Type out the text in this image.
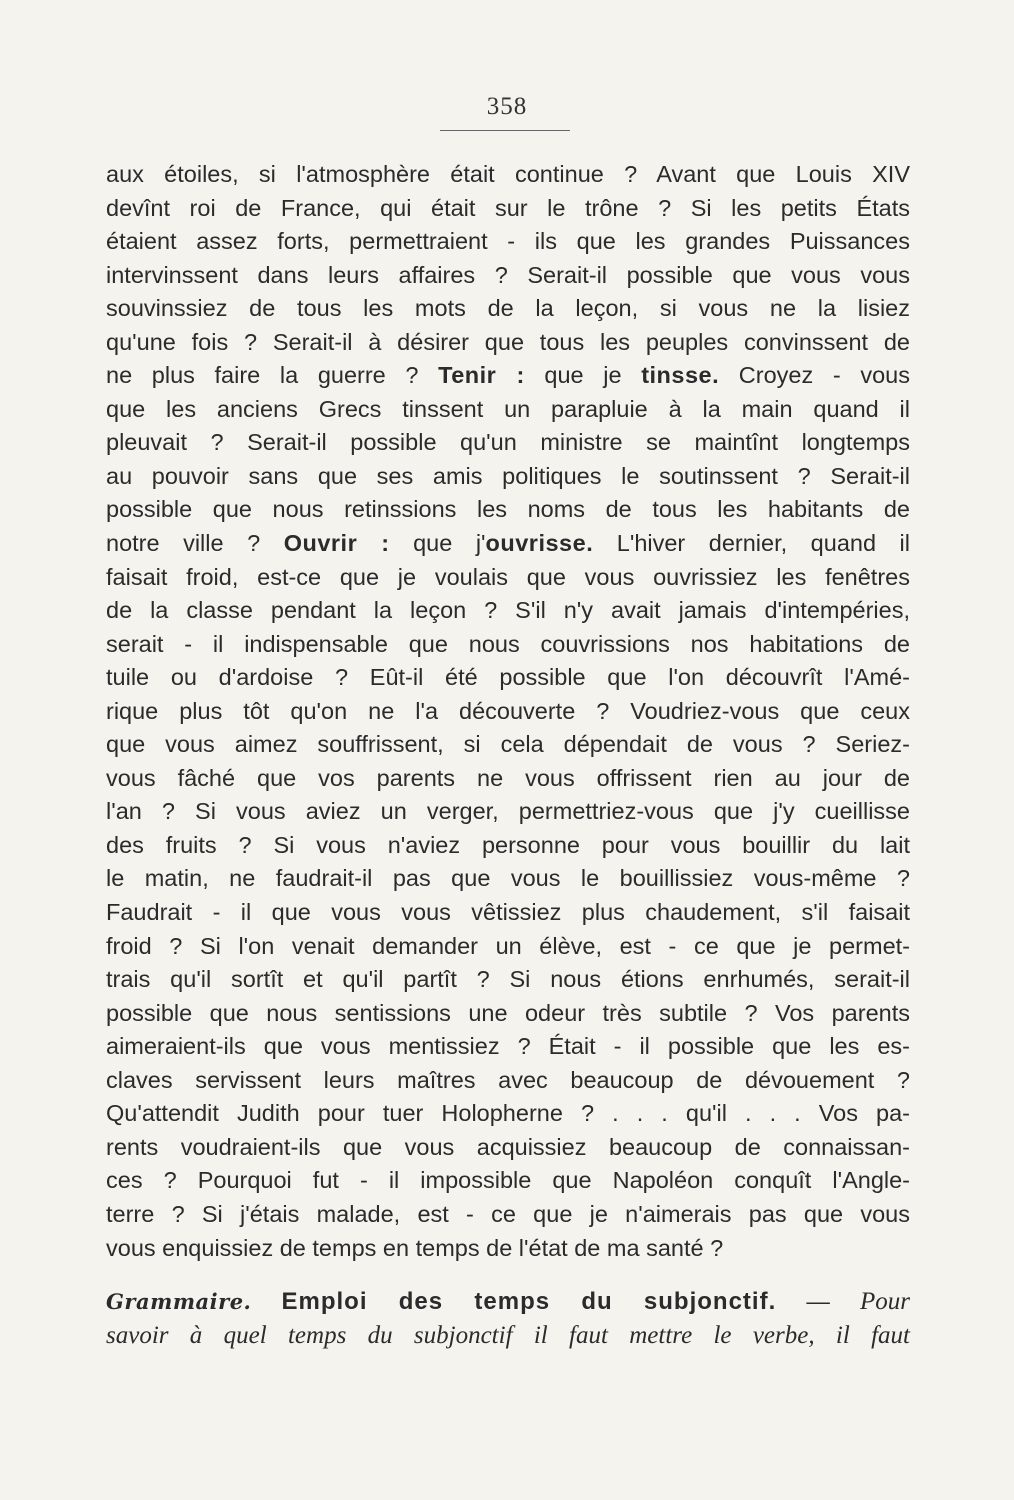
358
aux étoiles, si l'atmosphère était continue ? Avant que Louis XIV
devînt roi de France, qui était sur le trône ? Si les petits États
étaient assez forts, permettraient - ils que les grandes Puissances
intervinssent dans leurs affaires ? Serait-il possible que vous vous
souvinssiez de tous les mots de la leçon, si vous ne la lisiez
qu'une fois ? Serait-il à désirer que tous les peuples convinssent de
ne plus faire la guerre ? Tenir : que je tinsse. Croyez - vous
que les anciens Grecs tinssent un parapluie à la main quand il
pleuvait ? Serait-il possible qu'un ministre se maintînt longtemps
au pouvoir sans que ses amis politiques le soutinssent ? Serait-il
possible que nous retinssions les noms de tous les habitants de
notre ville ? Ouvrir : que j'ouvrisse. L'hiver dernier, quand il
faisait froid, est-ce que je voulais que vous ouvrissiez les fenêtres
de la classe pendant la leçon ? S'il n'y avait jamais d'intempéries,
serait - il indispensable que nous couvrissions nos habitations de
tuile ou d'ardoise ? Eût-il été possible que l'on découvrît l'Amé-
rique plus tôt qu'on ne l'a découverte ? Voudriez-vous que ceux
que vous aimez souffrissent, si cela dépendait de vous ? Seriez-
vous fâché que vos parents ne vous offrissent rien au jour de
l'an ? Si vous aviez un verger, permettriez-vous que j'y cueillisse
des fruits ? Si vous n'aviez personne pour vous bouillir du lait
le matin, ne faudrait-il pas que vous le bouillissiez vous-même ?
Faudrait - il que vous vous vêtissiez plus chaudement, s'il faisait
froid ? Si l'on venait demander un élève, est - ce que je permet-
trais qu'il sortît et qu'il partît ? Si nous étions enrhumés, serait-il
possible que nous sentissions une odeur très subtile ? Vos parents
aimeraient-ils que vous mentissiez ? Était - il possible que les es-
claves servissent leurs maîtres avec beaucoup de dévouement ?
Qu'attendit Judith pour tuer Holopherne ? . . . qu'il . . . Vos pa-
rents voudraient-ils que vous acquissiez beaucoup de connaissan-
ces ? Pourquoi fut - il impossible que Napoléon conquît l'Angle-
terre ? Si j'étais malade, est - ce que je n'aimerais pas que vous
vous enquissiez de temps en temps de l'état de ma santé ?
Grammaire. Emploi des temps du subjonctif. — Pour
savoir à quel temps du subjonctif il faut mettre le verbe, il faut
